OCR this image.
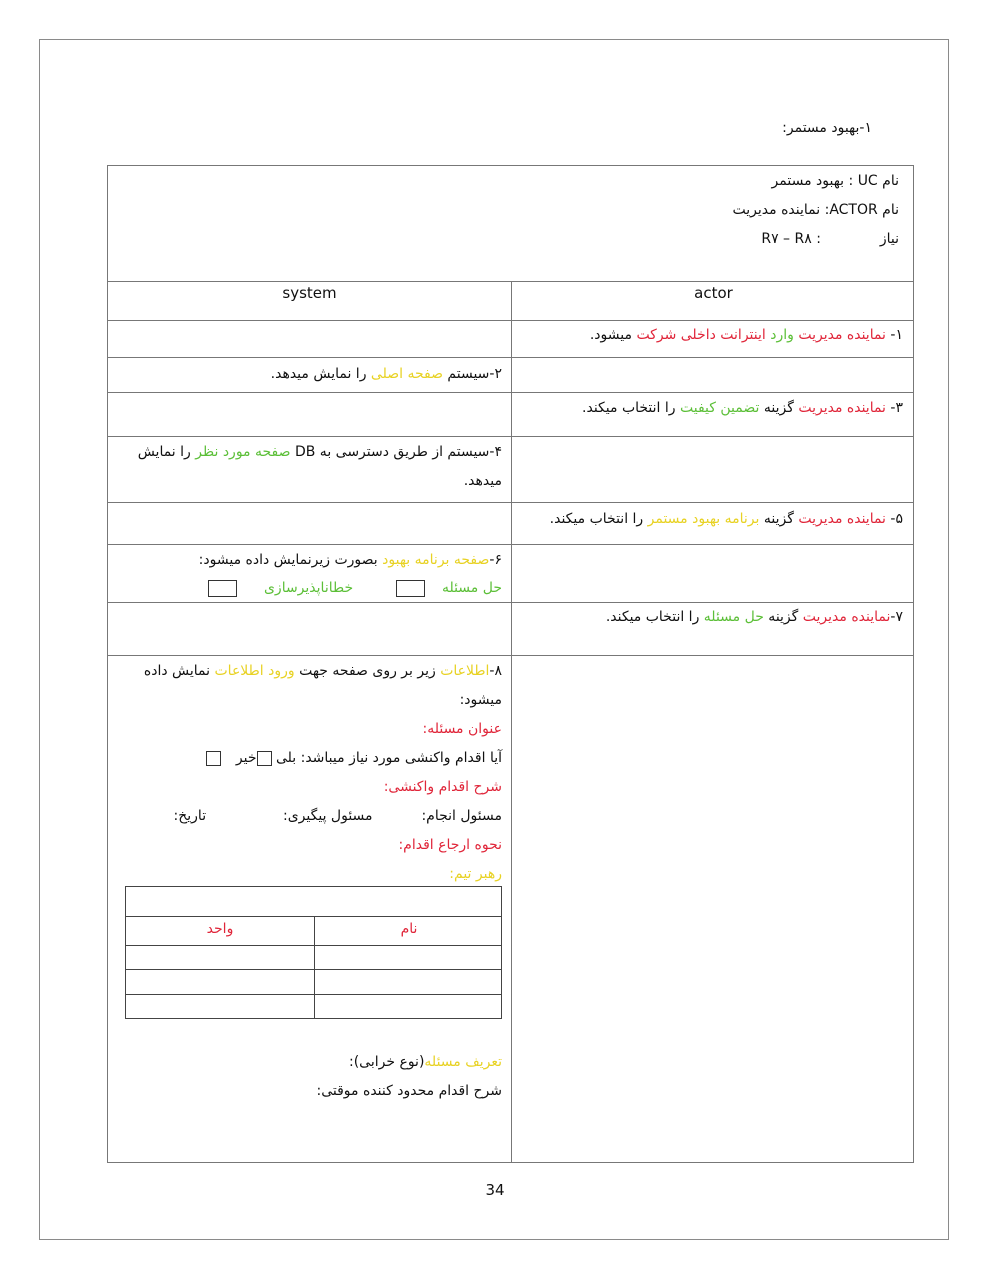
۱-بهبود مستمر:
نام UC : بهبود مستمر
نام ACTOR: نماینده مدیریت
نیاز  : R۷ – R۸
system	actor
۱- نماینده مدیریت وارد اینترانت داخلی شرکت میشود.
۲-سیستم صفحه اصلی را نمایش میدهد.
۳- نماینده مدیریت گزینه تضمین کیفیت را انتخاب میکند.
۴-سیستم از طریق دسترسی به DB صفحه مورد نظر را نمایش
میدهد.
۵- نماینده مدیریت گزینه برنامه بهبود مستمر را انتخاب میکند.
۶-صفحه برنامه بهبود بصورت زیرنمایش داده میشود:
حل مسئله    خطاناپذیرسازی
۷-نماینده مدیریت گزینه حل مسئله را انتخاب میکند.
۸-اطلاعات زیر بر روی صفحه جهت ورود اطلاعات نمایش داده
میشود:
عنوان مسئله:
آیا اقدام واکنشی مورد نیاز میباشد: بلی خیر
شرح اقدام واکنشی:
مسئول انجام:  مسئول پیگیری:  تاریخ:
نحوه ارجاع اقدام:
رهبر تیم:
واحد	نام
تعریف مسئله(نوع خرابی):
شرح اقدام محدود کننده موقتی:
34
